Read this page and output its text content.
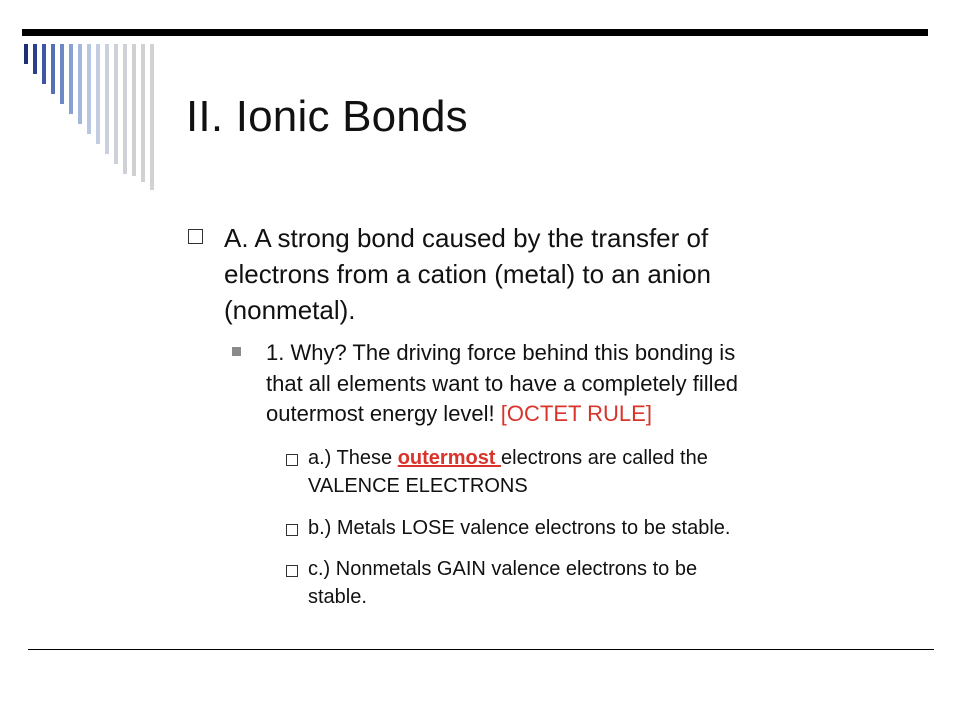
II. Ionic Bonds
A. A strong bond caused by the transfer of
electrons from a cation (metal) to an anion
(nonmetal).
1. Why? The driving force behind this bonding is
that all elements want to have a completely filled
outermost energy level! [OCTET RULE]
a.) These outermost electrons are called the
VALENCE ELECTRONS
b.) Metals LOSE valence electrons to be stable.
c.) Nonmetals GAIN valence electrons to be
stable.
